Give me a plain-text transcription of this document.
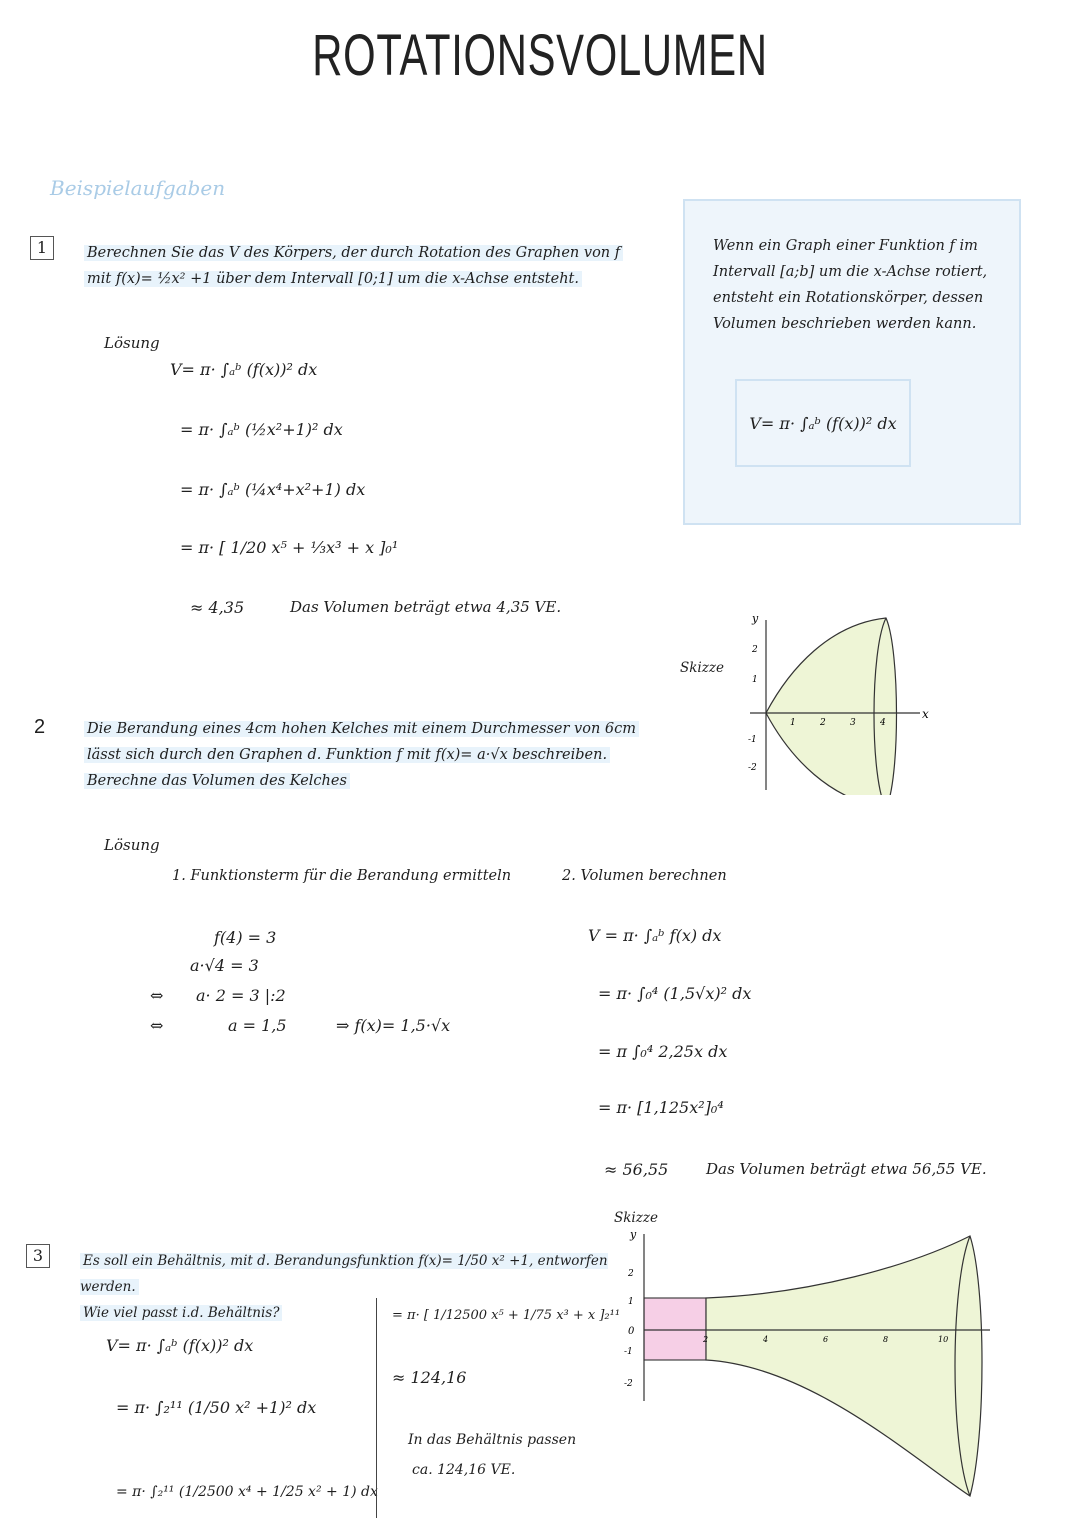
ROTATIONSVOLUMEN
Beispielaufgaben
Wenn ein Graph einer Funktion f im Intervall [a;b] um die x-Achse rotiert, entsteht ein Rotationskörper, dessen Volumen beschrieben werden kann.
V= π· ∫ₐᵇ (f(x))² dx
1	Berechnen Sie das V des Körpers, der durch Rotation des Graphen von f
mit f(x)= ½x² +1 über dem Intervall [0;1] um die x-Achse entsteht.
Lösung
V= π· ∫ₐᵇ (f(x))² dx
= π· ∫ₐᵇ (½x²+1)² dx
= π· ∫ₐᵇ (¼x⁴+x²+1) dx
= π· [ 1/20 x⁵ + ⅓x³ + x ]₀¹
≈ 4,35	Das Volumen beträgt etwa 4,35 VE.
Skizze
y
x
1	2	3	4
2
1
-1
-2
2	Die Berandung eines 4cm hohen Kelches mit einem Durchmesser von 6cm
lässt sich durch den Graphen d. Funktion f mit f(x)= a·√x beschreiben.
Berechne das Volumen des Kelches
Lösung
1. Funktionsterm für die Berandung ermitteln
f(4) = 3
a·√4 = 3
⇔ a· 2 = 3 |:2
⇔	a = 1,5	⇒ f(x)= 1,5·√x
2. Volumen berechnen
V = π· ∫ₐᵇ f(x) dx
= π· ∫₀⁴ (1,5√x)² dx
= π ∫₀⁴ 2,25x dx
= π· [1,125x²]₀⁴
≈ 56,55	Das Volumen beträgt etwa 56,55 VE.
3	Es soll ein Behältnis, mit d. Berandungsfunktion f(x)= 1/50 x² +1, entworfen werden.
Wie viel passt i.d. Behältnis?
V= π· ∫ₐᵇ (f(x))² dx
= π· ∫₂¹¹ (1/50 x² +1)² dx
= π· ∫₂¹¹ (1/2500 x⁴ + 1/25 x² + 1) dx
= π· [ 1/12500 x⁵ + 1/75 x³ + x ]₂¹¹
≈ 124,16
In das Behältnis passen
ca. 124,16 VE.
Skizze
y
2
1
0
-1
-2
2	4	6	8	10
